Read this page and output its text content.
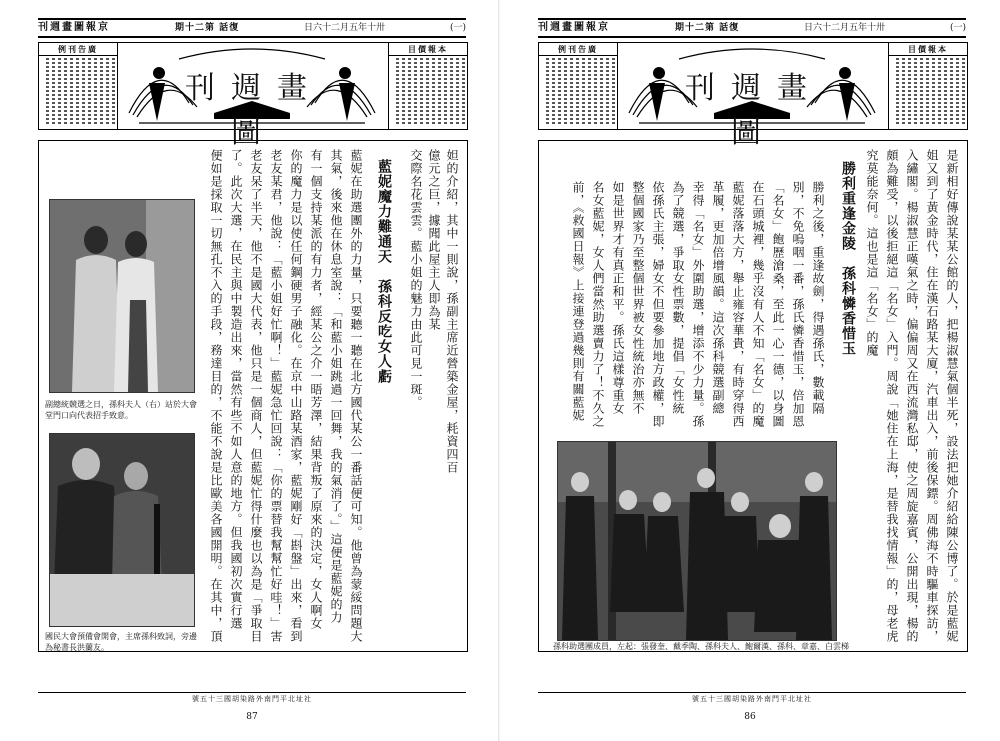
刊週畫圖報京	期十二第 話復	日六十二月五年十卅	(一)
例刊告廣
刊週畫圖
目價報本
妲的介紹，其中一則說，孫副主席近營築金屋，耗資四百億元之巨，據聞此屋主人即為某
交際名花雲雲。藍小姐的魅力由此可見一斑。
藍妮魔力難通天　孫科反吃女人虧
藍妮在助選團外的力量，只要聽一聽在北方國代某公一番話便可知。他曾為蒙綏問題大
其氣，後來他在休息室說：「和藍小姐跳過一回舞，我的氣消了。」這便是藍妮的力
有一個支持某派的有力者，經某公之介一晤芳澤，結果背叛了原來的決定，女人啊女
你的魔力是以使任何鋼硬男子融化。在京中山路某酒家，藍妮剛好「斟盤」出來，看到
老友某君，他說：「藍小姐好忙啊！」藍妮急忙回說：「你的票替我幫幫忙好哇！」害
老友呆了半天，他不是國大代表，他只是一個商人，但藍妮忙得什麼也以為是「爭取目
了。此次大選，在民主與中製造出來，當然有些不如人意的地方。但我國初次實行選
便如是採取一切無孔不入的手段，務達目的，不能不說是比歐美各國開明。在其中，頂
副總統競選之日，孫科夫人（右）站於大會堂門口向代表招手致意。
國民大會預備會開會，主席孫科致詞，旁邊為秘書長洪蘭友。
號五十三國胡染路外南門平北址社
87
刊週畫圖報京	期十二第 話復	日六十二月五年十卅	(一)
例刊告廣
刊週畫圖
目價報本
是新相好傳說某某公館的人，把楊淑慧氣個半死，設法把她介紹給陳公博了。於是藍妮
姐又到了黃金時代，住在漢石路某大廈，汽車出入，前後保鏢。周佛海不時驅車探訪，
入繡閣。楊淑慧正嘆氣之時，偏偏周又在西流灣私邸，使之周旋嘉賓，公開出現，楊的
頗為難受，以後拒絕這「名女」入門。周說「她住在上海，是替我找情報」的，母老虎
究莫能奈何。這也是這「名女」的魔
勝利重逢金陵　孫科憐香惜玉
勝利之後，重逢故劍，得遇孫氏，數載隔
別，不免嗚咽一番，孫氏憐香惜玉，倍加恩
「名女」飽歷滄桑，至此一心一德，以身圖
在石頭城裡，幾乎沒有人不知「名女」的魔
藍妮落落大方，舉止雍容華貴，有時穿得西
革履，更加倍增風韻。這次孫科競選副總
幸得「名女」外圍助選，增添不少力量。孫
為了競選，爭取女性票數，提倡「女性統
依孫氏主張，婦女不但要參加地方政權，即
整個國家乃至整個世界被女性統治亦無不
如是世界才有真正和平。孫氏這樣尊重女
名女藍妮，女人們當然助選賣力了！不久之
前，《救國日報》上接連登過幾則有關藍妮
孫科助選團成員，左起：張發奎、戴季陶、孫科夫人、鮑爾漢、孫科、章嘉、白雲梯
號五十三國胡染路外南門平北址社
86
